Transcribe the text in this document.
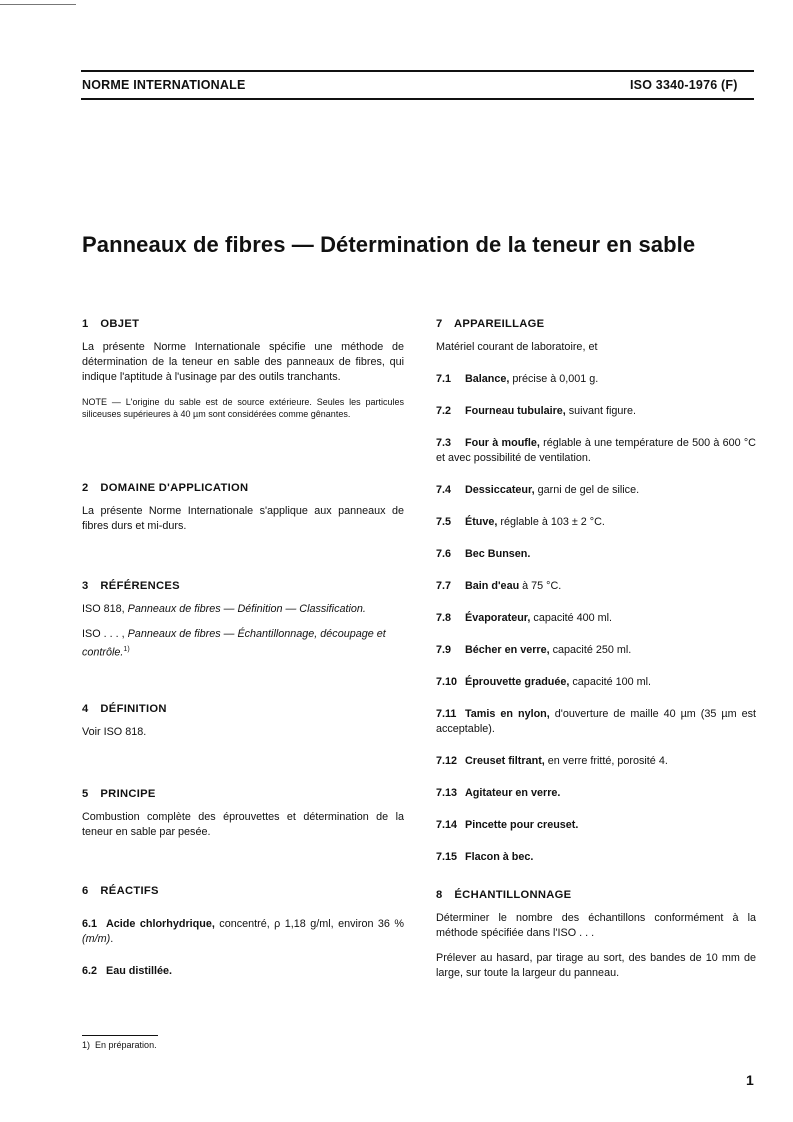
NORME INTERNATIONALE	ISO 3340-1976 (F)
Panneaux de fibres — Détermination de la teneur en sable
1 OBJET
La présente Norme Internationale spécifie une méthode de détermination de la teneur en sable des panneaux de fibres, qui indique l'aptitude à l'usinage par des outils tranchants.
NOTE — L'origine du sable est de source extérieure. Seules les particules siliceuses supérieures à 40 µm sont considérées comme gênantes.
2 DOMAINE D'APPLICATION
La présente Norme Internationale s'applique aux panneaux de fibres durs et mi-durs.
3 RÉFÉRENCES
ISO 818, Panneaux de fibres — Définition — Classification.
ISO . . . , Panneaux de fibres — Échantillonnage, découpage et contrôle.$^{1)}$
4 DÉFINITION
Voir ISO 818.
5 PRINCIPE
Combustion complète des éprouvettes et détermination de la teneur en sable par pesée.
6 RÉACTIFS
6.1 Acide chlorhydrique, concentré, ρ 1,18 g/ml, environ 36 % (m/m).
6.2 Eau distillée.
7 APPAREILLAGE
Matériel courant de laboratoire, et
7.1 Balance, précise à 0,001 g.
7.2 Fourneau tubulaire, suivant figure.
7.3 Four à moufle, réglable à une température de 500 à 600 °C et avec possibilité de ventilation.
7.4 Dessiccateur, garni de gel de silice.
7.5 Étuve, réglable à 103 ± 2 °C.
7.6 Bec Bunsen.
7.7 Bain d'eau à 75 °C.
7.8 Évaporateur, capacité 400 ml.
7.9 Bécher en verre, capacité 250 ml.
7.10 Éprouvette graduée, capacité 100 ml.
7.11 Tamis en nylon, d'ouverture de maille 40 µm (35 µm est acceptable).
7.12 Creuset filtrant, en verre fritté, porosité 4.
7.13 Agitateur en verre.
7.14 Pincette pour creuset.
7.15 Flacon à bec.
8 ÉCHANTILLONNAGE
Déterminer le nombre des échantillons conformément à la méthode spécifiée dans l'ISO . . .
Prélever au hasard, par tirage au sort, des bandes de 10 mm de large, sur toute la largeur du panneau.
1) En préparation.
1
